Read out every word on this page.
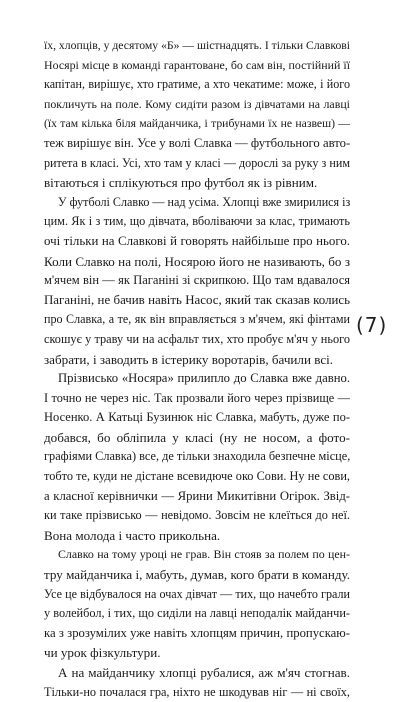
їх, хлопців, у десятому «Б» — шістнадцять. І тільки Славкові
Носярі місце в команді гарантоване, бо сам він, постійний її
капітан, вирішує, хто гратиме, а хто чекатиме: може, і його
покличуть на поле. Кому сидіти разом із дівчатами на лавці
(їх там кілька біля майданчика, і трибунами їх не назвеш) —
теж вирішує він. Усе у волі Славка — футбольного авто-
ритета в класі. Усі, хто там у класі — дорослі за руку з ним
вітаються і сплікуються про футбол як із рівним.
У футболі Славко — над усіма. Хлопці вже змирилися із
цим. Як і з тим, що дівчата, вболіваючи за клас, тримають
очі тільки на Славкові й говорять найбільше про нього.
Коли Славко на полі, Носярою його не називають, бо з
м'ячем він — як Паганіні зі скрипкою. Що там вдавалося
Паганіні, не бачив навіть Насос, який так сказав колись
про Славка, а те, як він вправляється з м'ячем, які фінтами
скошує у траву чи на асфальт тих, хто пробує м'яч у нього
забрати, і заводить в істерику воротарів, бачили всі.
Прізвисько «Носяра» прилипло до Славка вже давно.
І точно не через ніс. Так прозвали його через прізвище —
Носенко. А Катьці Бузинюк ніс Славка, мабуть, дуже по-
добався, бо обліпила у класі (ну не носом, а фото-
графіями Славка) все, де тільки знаходила безпечне місце,
тобто те, куди не дістане всевидюче око Сови. Ну не сови,
а класної керівнички — Ярини Микитівни Огірок. Звід-
ки таке прізвисько — невідомо. Зовсім не клеїться до неї.
Вона молода і часто прикольна.
Славко на тому уроці не грав. Він стояв за полем по цен-
тру майданчика і, мабуть, думав, кого брати в команду.
Усе це відбувалося на очах дівчат — тих, що начебто грали
у волейбол, і тих, що сиділи на лавці неподалік майданчи-
ка з зрозумілих уже навіть хлопцям причин, пропускаю-
чи урок фізкультури.
А на майданчику хлопці рубалися, аж м'яч стогнав.
Тільки-но почалася гра, ніхто не шкодував ніг — ні своїх,
(7)
